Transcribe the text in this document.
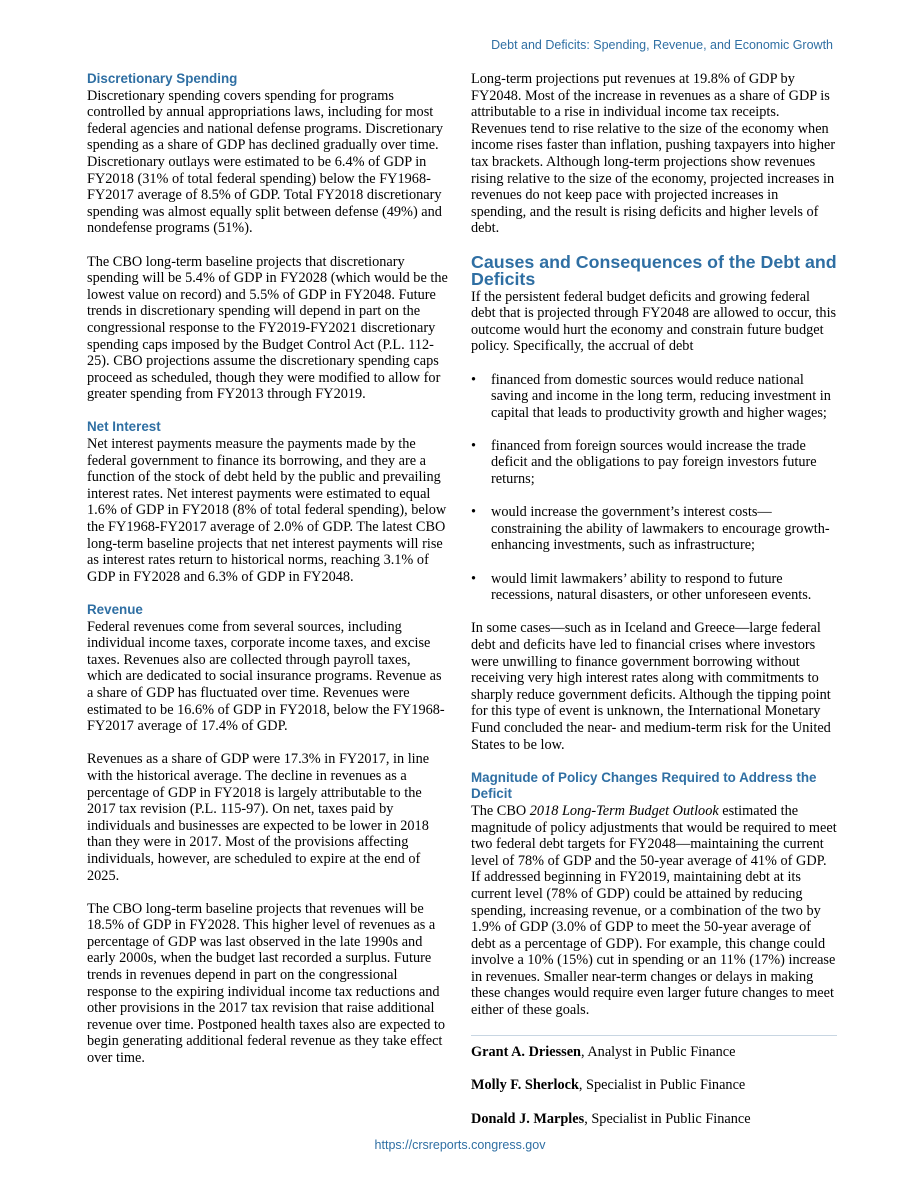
Debt and Deficits: Spending, Revenue, and Economic Growth
Discretionary Spending

Discretionary spending covers spending for programs controlled by annual appropriations laws, including for most federal agencies and national defense programs. Discretionary spending as a share of GDP has declined gradually over time. Discretionary outlays were estimated to be 6.4% of GDP in FY2018 (31% of total federal spending) below the FY1968-FY2017 average of 8.5% of GDP. Total FY2018 discretionary spending was almost equally split between defense (49%) and nondefense programs (51%).

The CBO long-term baseline projects that discretionary spending will be 5.4% of GDP in FY2028 (which would be the lowest value on record) and 5.5% of GDP in FY2048. Future trends in discretionary spending will depend in part on the congressional response to the FY2019-FY2021 discretionary spending caps imposed by the Budget Control Act (P.L. 112-25). CBO projections assume the discretionary spending caps proceed as scheduled, though they were modified to allow for greater spending from FY2013 through FY2019.

Net Interest

Net interest payments measure the payments made by the federal government to finance its borrowing, and they are a function of the stock of debt held by the public and prevailing interest rates. Net interest payments were estimated to equal 1.6% of GDP in FY2018 (8% of total federal spending), below the FY1968-FY2017 average of 2.0% of GDP. The latest CBO long-term baseline projects that net interest payments will rise as interest rates return to historical norms, reaching 3.1% of GDP in FY2028 and 6.3% of GDP in FY2048.

Revenue

Federal revenues come from several sources, including individual income taxes, corporate income taxes, and excise taxes. Revenues also are collected through payroll taxes, which are dedicated to social insurance programs. Revenue as a share of GDP has fluctuated over time. Revenues were estimated to be 16.6% of GDP in FY2018, below the FY1968-FY2017 average of 17.4% of GDP.

Revenues as a share of GDP were 17.3% in FY2017, in line with the historical average. The decline in revenues as a percentage of GDP in FY2018 is largely attributable to the 2017 tax revision (P.L. 115-97). On net, taxes paid by individuals and businesses are expected to be lower in 2018 than they were in 2017. Most of the provisions affecting individuals, however, are scheduled to expire at the end of 2025.

The CBO long-term baseline projects that revenues will be 18.5% of GDP in FY2028. This higher level of revenues as a percentage of GDP was last observed in the late 1990s and early 2000s, when the budget last recorded a surplus. Future trends in revenues depend in part on the congressional response to the expiring individual income tax reductions and other provisions in the 2017 tax revision that raise additional revenue over time. Postponed health taxes also are expected to begin generating additional federal revenue as they take effect over time.

Long-term projections put revenues at 19.8% of GDP by FY2048. Most of the increase in revenues as a share of GDP is attributable to a rise in individual income tax receipts. Revenues tend to rise relative to the size of the economy when income rises faster than inflation, pushing taxpayers into higher tax brackets. Although long-term projections show revenues rising relative to the size of the economy, projected increases in revenues do not keep pace with projected increases in spending, and the result is rising deficits and higher levels of debt.

Causes and Consequences of the Debt and Deficits

If the persistent federal budget deficits and growing federal debt that is projected through FY2048 are allowed to occur, this outcome would hurt the economy and constrain future budget policy. Specifically, the accrual of debt

• financed from domestic sources would reduce national saving and income in the long term, reducing investment in capital that leads to productivity growth and higher wages;
• financed from foreign sources would increase the trade deficit and the obligations to pay foreign investors future returns;
• would increase the government’s interest costs—constraining the ability of lawmakers to encourage growth-enhancing investments, such as infrastructure;
• would limit lawmakers’ ability to respond to future recessions, natural disasters, or other unforeseen events.

In some cases—such as in Iceland and Greece—large federal debt and deficits have led to financial crises where investors were unwilling to finance government borrowing without receiving very high interest rates along with commitments to sharply reduce government deficits. Although the tipping point for this type of event is unknown, the International Monetary Fund concluded the near- and medium-term risk for the United States to be low.

Magnitude of Policy Changes Required to Address the Deficit

The CBO 2018 Long-Term Budget Outlook estimated the magnitude of policy adjustments that would be required to meet two federal debt targets for FY2048—maintaining the current level of 78% of GDP and the 50-year average of 41% of GDP. If addressed beginning in FY2019, maintaining debt at its current level (78% of GDP) could be attained by reducing spending, increasing revenue, or a combination of the two by 1.9% of GDP (3.0% of GDP to meet the 50-year average of debt as a percentage of GDP). For example, this change could involve a 10% (15%) cut in spending or an 11% (17%) increase in revenues. Smaller near-term changes or delays in making these changes would require even larger future changes to meet either of these goals.

Grant A. Driessen, Analyst in Public Finance

Molly F. Sherlock, Specialist in Public Finance

Donald J. Marples, Specialist in Public Finance

https://crsreports.congress.gov
